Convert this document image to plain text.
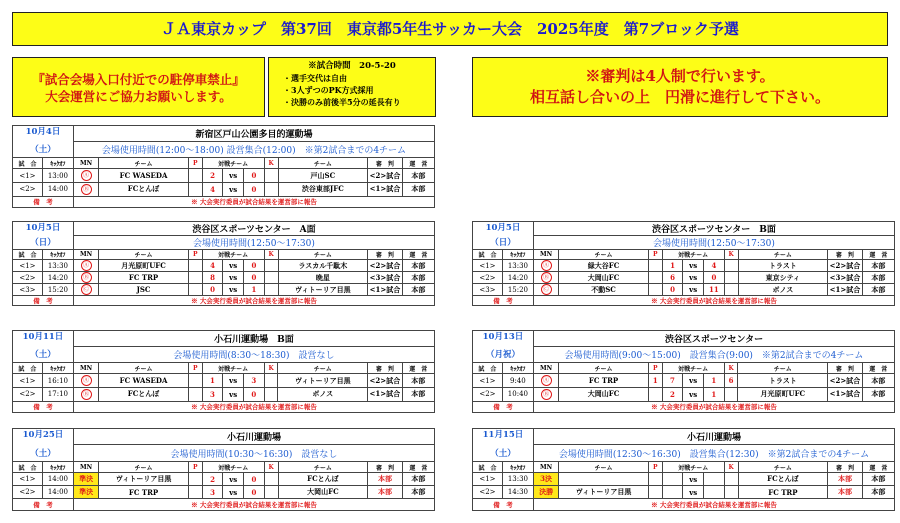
ＪＡ東京カップ　第37回　東京都5年生サッカー大会　2025年度　第7ブロック予選
『試合会場入口付近での駐停車禁止』
大会運営にご協力お願いします。
※試合時間　20-5-20
・選手交代は自由
・3人ずつのPK方式採用
・決勝のみ前後半5分の延長有り
※審判は4人制で行います。
相互話し合いの上　円滑に進行して下さい。
10月4日		新宿区戸山公園多目的運動場									
（土）		会場使用時間(12:00～18:00) 設営集合(12:00)　※第2試合までの4チーム									
試　合	ｷｯｸｵﾌ	MN	チーム	P	対戦チーム			K	チーム	審　判	運　営
<1>	13:00	Ⓐ	FC WASEDA		2	vs	0		戸山SC	<2>試合	本部
<2>	14:00	Ⓑ	FCとんぼ		4	vs	0		渋谷東部JFC	<1>試合	本部
備　考		※ 大会実行委員が試合結果を運営部に報告									
10月5日		渋谷区スポーツセンター　A面									
（日）		会場使用時間(12:50～17:30)									
試　合	ｷｯｸｵﾌ	MN	チーム	P	対戦チーム			K	チーム	審　判	運　営
<1>	13:30	Ⓐ	月光原町UFC		4	vs	0		ラスカル千駄木	<2>試合	本部
<2>	14:20	Ⓑ	FC TRP		8	vs	0		晩星	<3>試合	本部
<3>	15:20	Ⓒ	JSC		0	vs	1		ヴィトーリア目黒	<1>試合	本部
備　考		※ 大会実行委員が試合結果を運営部に報告									
10月5日		渋谷区スポーツセンター　B面									
（日）		会場使用時間(12:50～17:30)									
試　合	ｷｯｸｵﾌ	MN	チーム	P	対戦チーム			K	チーム	審　判	運　営
<1>	13:30	Ⓐ	緑大谷FC		1	vs	4		トラスト	<2>試合	本部
<2>	14:20	Ⓑ	大岡山FC		6	vs	0		東京シティ	<3>試合	本部
<3>	15:20	Ⓒ	不動SC		0	vs	11		ボノス	<1>試合	本部
備　考		※ 大会実行委員が試合結果を運営部に報告									
10月11日		小石川運動場　B面									
（土）		会場使用時間(8:30～18:30)　設営なし									
試　合	ｷｯｸｵﾌ	MN	チーム	P	対戦チーム			K	チーム	審　判	運　営
<1>	16:10	Ⓐ	FC WASEDA		1	vs	3		ヴィトーリア目黒	<2>試合	本部
<2>	17:10	Ⓑ	FCとんぼ		3	vs	0		ボノス	<1>試合	本部
備　考		※ 大会実行委員が試合結果を運営部に報告									
10月13日		渋谷区スポーツセンター									
（月祝）		会場使用時間(9:00～15:00)　設営集合(9:00)　※第2試合までの4チーム									
試　合	ｷｯｸｵﾌ	MN	チーム	P	対戦チーム			K	チーム	審　判	運　営
<1>	9:40	Ⓐ	FC TRP	1	7	vs	1	6	トラスト	<2>試合	本部
<2>	10:40	Ⓑ	大岡山FC		2	vs	1		月光原町UFC	<1>試合	本部
備　考		※ 大会実行委員が試合結果を運営部に報告									
10月25日		小石川運動場									
（土）		会場使用時間(10:30～16:30)　設営なし									
試　合	ｷｯｸｵﾌ	MN	チーム	P	対戦チーム			K	チーム	審　判	運　営
<1>	14:00	準決	ヴィトーリア目黒		2	vs	0		FCとんぼ	本部	本部
<2>	14:00	準決	FC TRP		3	vs	0		大岡山FC	本部	本部
備　考		※ 大会実行委員が試合結果を運営部に報告									
11月15日		小石川運動場									
（土）		会場使用時間(12:30～16:30)　設営集合(12:30)　※第2試合までの4チーム									
試　合	ｷｯｸｵﾌ	MN	チーム	P	対戦チーム			K	チーム	審　判	運　営
<1>	13:30	3決				vs			FCとんぼ	本部	本部
<2>	14:30	決勝	ヴィトーリア目黒			vs			FC TRP	本部	本部
備　考		※ 大会実行委員が試合結果を運営部に報告									
